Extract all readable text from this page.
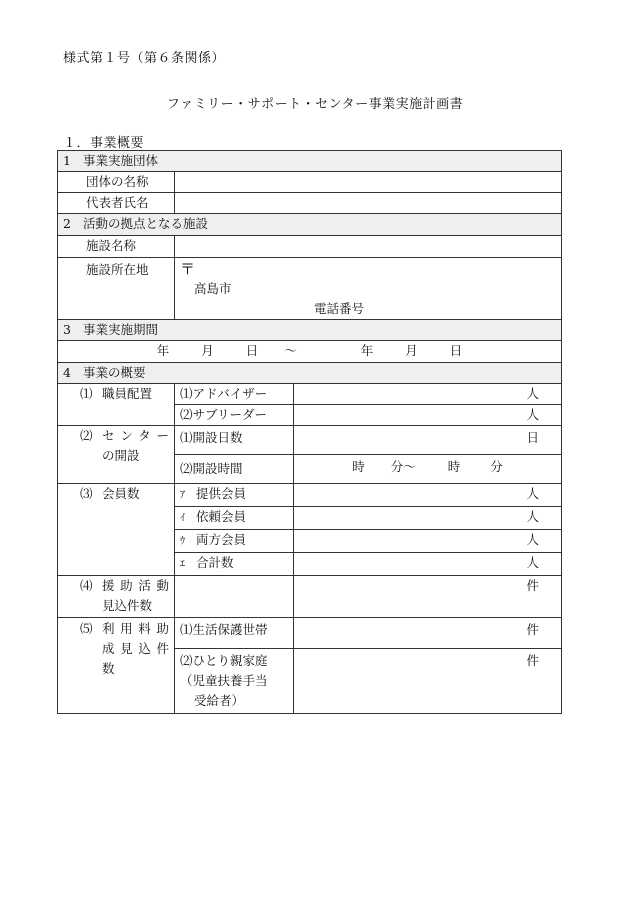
様式第１号（第６条関係）
ファミリー・サポート・センター事業実施計画書
１．事業概要
1 事業実施団体		
団体の名称		
代表者氏名		
2 活動の拠点となる施設		
施設名称		
施設所在地	〒
高島市
電話番号	

3 事業実施期間		
年 月 日 〜 年 月 日		
4 事業の概要		

⑴ 職員配置	⑴アドバイザー	人
	⑵サブリーダー	人

⑵ センター
の開設	⑴開設日数	日
	⑵開設時間	時 分〜 時 分

⑶ 会員数	ｱ 提供会員	人
	ｲ 依頼会員	人
	ｳ 両方会員	人
	ｴ 合計数	人

⑷ 援助活動
見込件数		件

⑸ 利用料助
成見込件
数	⑴生活保護世帯	件

	⑵ひとり親家庭
（児童扶養手当
受給者）	件
